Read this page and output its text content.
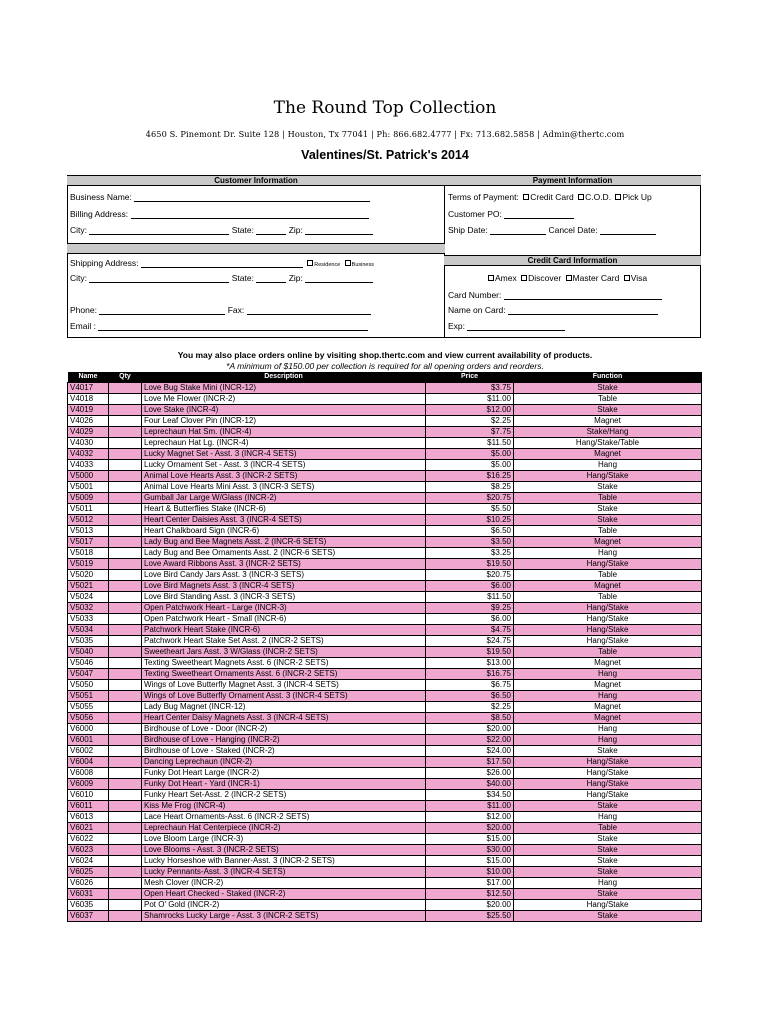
The Round Top Collection
4650 S. Pinemont Dr. Suite 128 | Houston, Tx 77041 | Ph: 866.682.4777 | Fx: 713.682.5858 | Admin@thertc.com
Valentines/St. Patrick's 2014
Customer Information	Payment Information
Business Name:
Billing Address:
City:	State:	Zip:
Shipping Address:	Residence Business
City:	State:	Zip:
Phone:	Fax:
Email :
Terms of Payment: Credit Card C.O.D. Pick Up
Customer PO:
Ship Date:	Cancel Date:
Credit Card Information
Amex Discover Master Card Visa
Card Number:
Name on Card:
Exp:
You may also place orders online by visiting shop.thertc.com and view current availability of products.
*A minimum of $150.00 per collection is required for all opening orders and reorders.
Name	Qty	Description	Price	Function
V4017		Love Bug Stake Mini (INCR-12)	$3.75	Stake
V4018		Love Me Flower (INCR-2)	$11.00	Table
V4019		Love Stake (INCR-4)	$12.00	Stake
V4026		Four Leaf Clover Pin (INCR-12)	$2.25	Magnet
V4029		Leprechaun Hat Sm. (INCR-4)	$7.75	Stake/Hang
V4030		Leprechaun Hat Lg. (INCR-4)	$11.50	Hang/Stake/Table
V4032		Lucky Magnet Set - Asst. 3 (INCR-4 SETS)	$5.00	Magnet
V4033		Lucky Ornament Set - Asst. 3 (INCR-4 SETS)	$5.00	Hang
V5000		Animal Love Hearts Asst. 3 (INCR-2 SETS)	$16.25	Hang/Stake
V5001		Animal Love Hearts Mini Asst. 3 (INCR-3 SETS)	$8.25	Stake
V5009		Gumball Jar Large W/Glass (INCR-2)	$20.75	Table
V5011		Heart & Butterflies Stake (INCR-6)	$5.50	Stake
V5012		Heart Center Daisies Asst. 3 (INCR-4 SETS)	$10.25	Stake
V5013		Heart Chalkboard Sign (INCR-6)	$6.50	Table
V5017		Lady Bug and Bee Magnets Asst. 2 (INCR-6 SETS)	$3.50	Magnet
V5018		Lady Bug and Bee Ornaments Asst. 2 (INCR-6 SETS)	$3.25	Hang
V5019		Love Award Ribbons Asst. 3 (INCR-2 SETS)	$19.50	Hang/Stake
V5020		Love Bird Candy Jars Asst. 3 (INCR-3 SETS)	$20.75	Table
V5021		Love Bird Magnets Asst. 3 (INCR-4 SETS)	$6.00	Magnet
V5024		Love Bird Standing Asst. 3 (INCR-3 SETS)	$11.50	Table
V5032		Open Patchwork Heart - Large (INCR-3)	$9.25	Hang/Stake
V5033		Open Patchwork Heart - Small (INCR-6)	$6.00	Hang/Stake
V5034		Patchwork Heart Stake (INCR-6)	$4.75	Hang/Stake
V5035		Patchwork Heart Stake Set Asst. 2 (INCR-2 SETS)	$24.75	Hang/Stake
V5040		Sweetheart Jars Asst. 3 W/Glass (INCR-2 SETS)	$19.50	Table
V5046		Texting Sweetheart Magnets Asst. 6 (INCR-2 SETS)	$13.00	Magnet
V5047		Texting Sweetheart Ornaments Asst. 6 (INCR-2 SETS)	$16.75	Hang
V5050		Wings of Love Butterfly Magnet Asst. 3 (INCR-4 SETS)	$6.75	Magnet
V5051		Wings of Love Butterfly Ornament Asst. 3 (INCR-4 SETS)	$6.50	Hang
V5055		Lady Bug Magnet (INCR-12)	$2.25	Magnet
V5056		Heart Center Daisy Magnets Asst. 3 (INCR-4 SETS)	$8.50	Magnet
V6000		Birdhouse of Love - Door (INCR-2)	$20.00	Hang
V6001		Birdhouse of Love - Hanging (INCR-2)	$22.00	Hang
V6002		Birdhouse of Love - Staked (INCR-2)	$24.00	Stake
V6004		Dancing Leprechaun (INCR-2)	$17.50	Hang/Stake
V6008		Funky Dot Heart Large (INCR-2)	$26.00	Hang/Stake
V6009		Funky Dot Heart - Yard (INCR-1)	$40.00	Hang/Stake
V6010		Funky Heart Set-Asst. 2 (INCR-2 SETS)	$34.50	Hang/Stake
V6011		Kiss Me Frog (INCR-4)	$11.00	Stake
V6013		Lace Heart Ornaments-Asst. 6 (INCR-2 SETS)	$12.00	Hang
V6021		Leprechaun Hat Centerpiece (INCR-2)	$20.00	Table
V6022		Love Bloom Large (INCR-3)	$15.00	Stake
V6023		Love Blooms - Asst. 3 (INCR-2 SETS)	$30.00	Stake
V6024		Lucky Horseshoe with Banner-Asst. 3 (INCR-2 SETS)	$15.00	Stake
V6025		Lucky Pennants-Asst. 3 (INCR-4 SETS)	$10.00	Stake
V6026		Mesh Clover (INCR-2)	$17.00	Hang
V6031		Open Heart Checked - Staked (INCR-2)	$12.50	Stake
V6035		Pot O' Gold (INCR-2)	$20.00	Hang/Stake
V6037		Shamrocks Lucky Large - Asst. 3 (INCR-2 SETS)	$25.50	Stake
